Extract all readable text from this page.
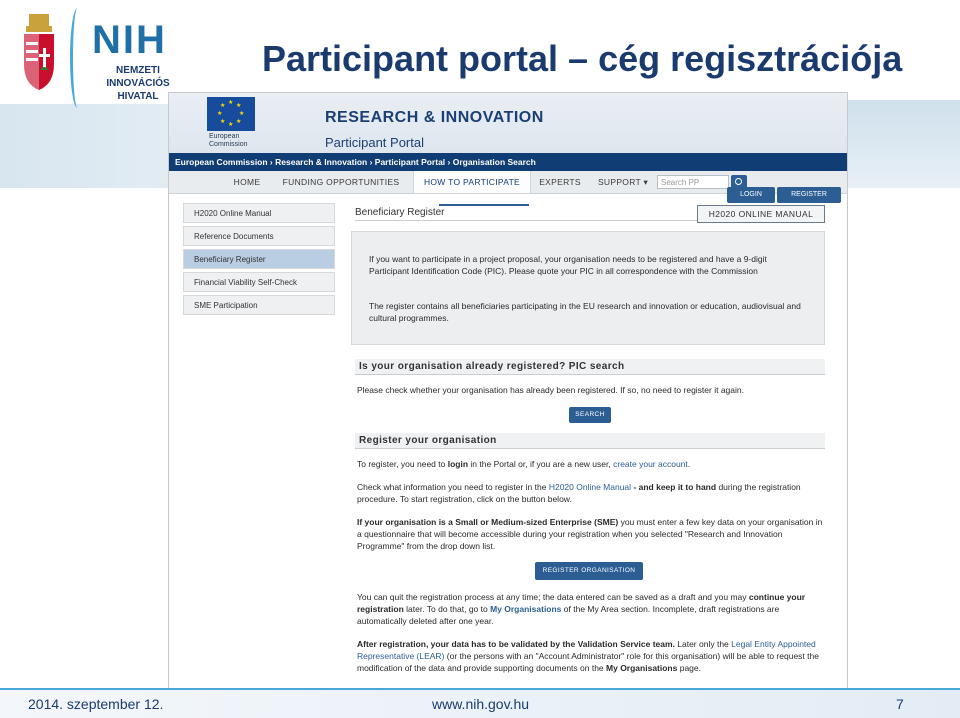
NIH
NEMZETI INNOVÁCIÓS
HIVATAL
Participant portal – cég regisztrációja
★ ★
★
★
★
★
★
★
European
Commission
RESEARCH & INNOVATION
Participant Portal
European Commission › Research & Innovation › Participant Portal › Organisation Search
HOME	FUNDING OPPORTUNITIES	HOW TO PARTICIPATE	EXPERTS	SUPPORT ▾	Search PP
LOGIN	REGISTER
H2020 Online Manual
Reference Documents
Beneficiary Register
Financial Viability Self-Check
SME Participation
Beneficiary Register	H2020 ONLINE MANUAL
If you want to participate in a project proposal, your organisation needs to be registered and have a 9-digit Participant Identification Code (PIC). Please quote your PIC in all correspondence with the Commission
The register contains all beneficiaries participating in the EU research and innovation or education, audiovisual and cultural programmes.
Is your organisation already registered? PIC search
Please check whether your organisation has already been registered. If so, no need to register it again.
SEARCH
Register your organisation
To register, you need to login in the Portal or, if you are a new user, create your account.
Check what information you need to register in the H2020 Online Manual - and keep it to hand during the registration procedure. To start registration, click on the button below.
If your organisation is a Small or Medium-sized Enterprise (SME) you must enter a few key data on your organisation in a questionnaire that will become accessible during your registration when you selected "Research and Innovation Programme" from the drop down list.
REGISTER ORGANISATION
You can quit the registration process at any time; the data entered can be saved as a draft and you may continue your registration later. To do that, go to My Organisations of the My Area section. Incomplete, draft registrations are automatically deleted after one year.
After registration, your data has to be validated by the Validation Service team. Later only the Legal Entity Appointed Representative (LEAR) (or the persons with an "Account Administrator" role for this organisation) will be able to request the modification of the data and provide supporting documents on the My Organisations page.
2014. szeptember 12.	www.nih.gov.hu	7
